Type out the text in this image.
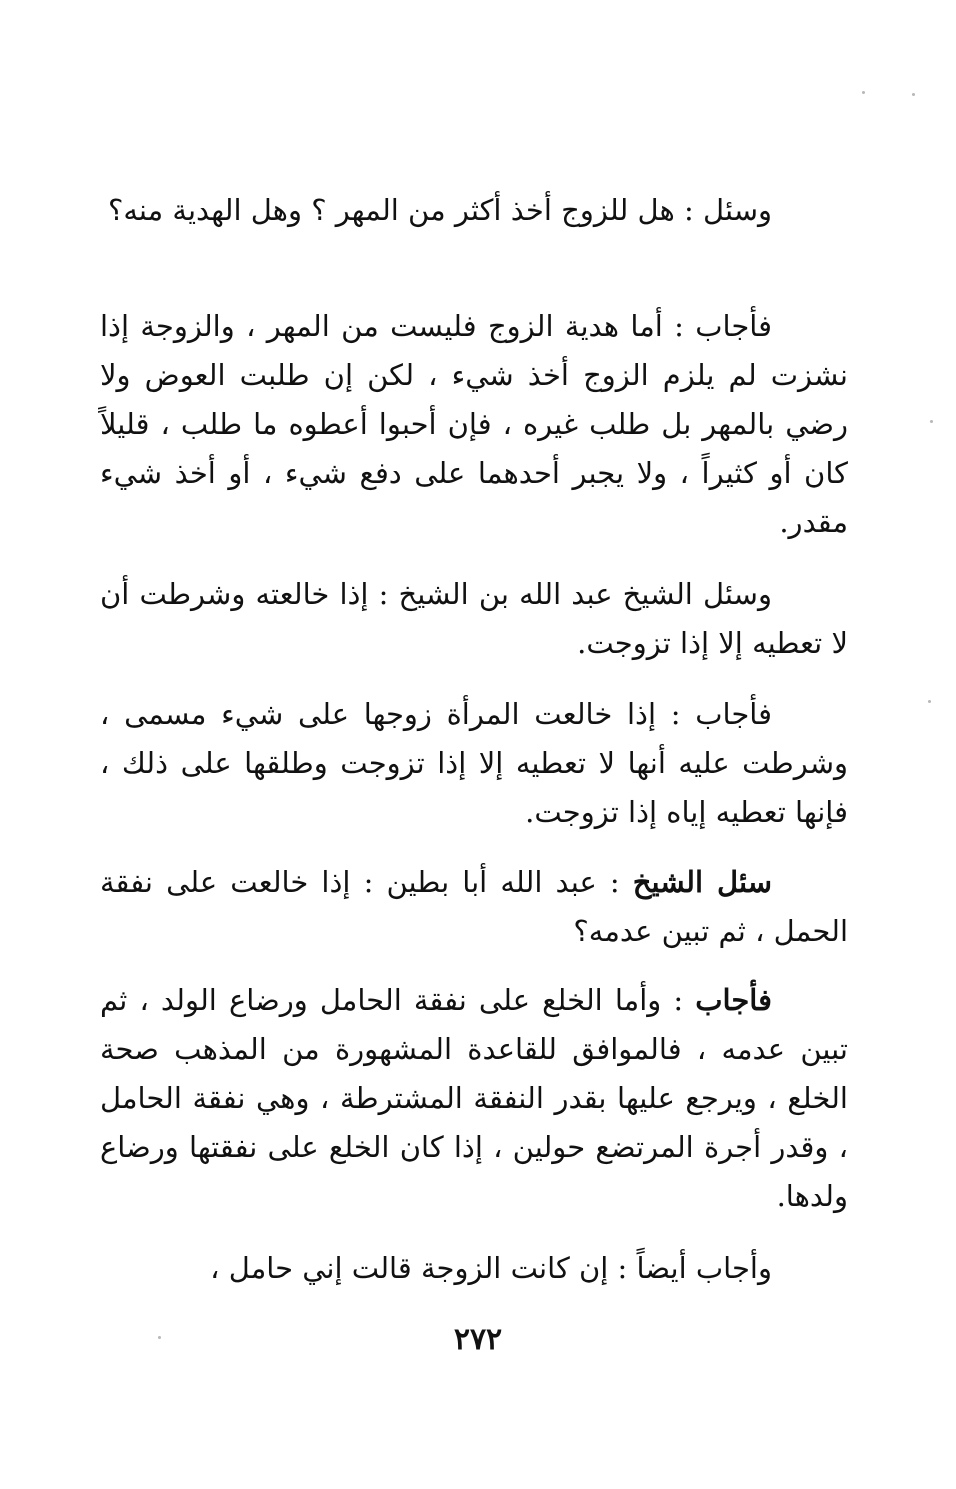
وسئل : هل للزوج أخذ أكثر من المهر ؟ وهل الهدية منه؟
فأجاب : أما هدية الزوج فليست من المهر ، والزوجة إذا نشزت لم يلزم الزوج أخذ شيء ، لكن إن طلبت العوض ولا رضي بالمهر بل طلب غيره ، فإن أحبوا أعطوه ما طلب ، قليلاً كان أو كثيراً ، ولا يجبر أحدهما على دفع شيء ، أو أخذ شيء مقدر.
وسئل الشيخ عبد الله بن الشيخ : إذا خالعته وشرطت أن لا تعطيه إلا إذا تزوجت.
فأجاب : إذا خالعت المرأة زوجها على شيء مسمى ، وشرطت عليه أنها لا تعطيه إلا إذا تزوجت وطلقها على ذلك ، فإنها تعطيه إياه إذا تزوجت.
سئل الشيخ : عبد الله أبا بطين : إذا خالعت على نفقة الحمل ، ثم تبين عدمه؟
فأجاب : وأما الخلع على نفقة الحامل ورضاع الولد ، ثم تبين عدمه ، فالموافق للقاعدة المشهورة من المذهب صحة الخلع ، ويرجع عليها بقدر النفقة المشترطة ، وهي نفقة الحامل ، وقدر أجرة المرتضع حولين ، إذا كان الخلع على نفقتها ورضاع ولدها.
وأجاب أيضاً : إن كانت الزوجة قالت إني حامل ،
٢٧٢
